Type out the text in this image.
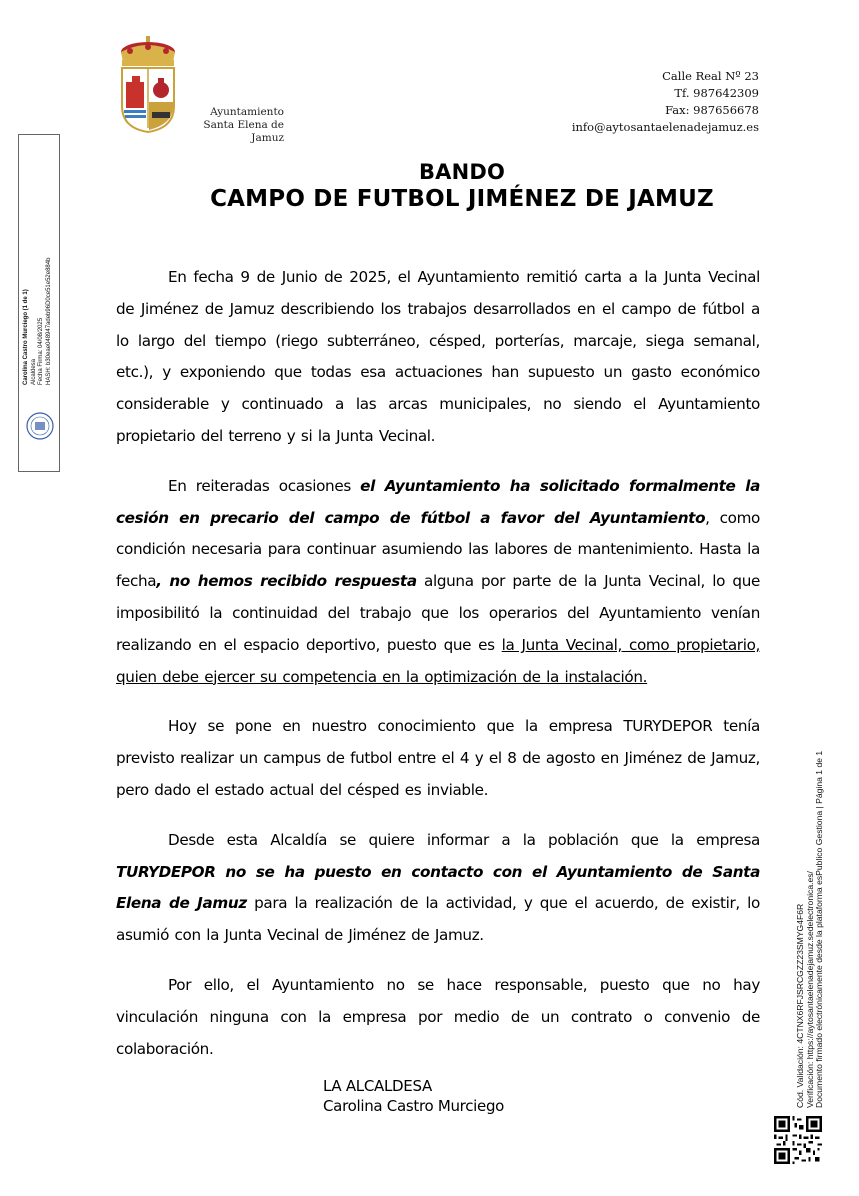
Ayuntamiento
Santa Elena de Jamuz
Calle Real Nº 23
Tf. 987642309
Fax: 987656678
info@aytosantaelenadejamuz.es
BANDO
CAMPO DE FUTBOL JIMÉNEZ DE JAMUZ

En fecha 9 de Junio de 2025, el Ayuntamiento remitió carta a la Junta Vecinal de Jiménez de Jamuz describiendo los trabajos desarrollados en el campo de fútbol a lo largo del tiempo (riego subterráneo, césped, porterías, marcaje, siega semanal, etc.), y exponiendo que todas esa actuaciones han supuesto un gasto económico considerable y continuado a las arcas municipales, no siendo el Ayuntamiento propietario del terreno y si la Junta Vecinal.

En reiteradas ocasiones el Ayuntamiento ha solicitado formalmente la cesión en precario del campo de fútbol a favor del Ayuntamiento, como condición necesaria para continuar asumiendo las labores de mantenimiento. Hasta la fecha, no hemos recibido respuesta alguna por parte de la Junta Vecinal, lo que imposibilitó la continuidad del trabajo que los operarios del Ayuntamiento venían realizando en el espacio deportivo, puesto que es la Junta Vecinal, como propietario, quien debe ejercer su competencia en la optimización de la instalación.

Hoy se pone en nuestro conocimiento que la empresa TURYDEPOR tenía previsto realizar un campus de futbol entre el 4 y el 8 de agosto en Jiménez de Jamuz, pero dado el estado actual del césped es inviable.

Desde esta Alcaldía se quiere informar a la población que la empresa TURYDEPOR no se ha puesto en contacto con el Ayuntamiento de Santa Elena de Jamuz para la realización de la actividad, y que el acuerdo, de existir, lo asumió con la Junta Vecinal de Jiménez de Jamuz.

Por ello, el Ayuntamiento no se hace responsable, puesto que no hay vinculación ninguna con la empresa por medio de un contrato o convenio de colaboración.

LA ALCALDESA
Carolina Castro Murciego
Carolina Castro Murciego (1 de 1) Alcaldesa Fecha Firma: 04/08/2025 HASH: b30eae048947adeb96D0ce51e52e884b
Cód. Validación: 4CTNX6RFJSRCGZZ23SMYG4F6R Verificación: https://aytosantaelenadejamuz.sedelectronica.es/ Documento firmado electrónicamente desde la plataforma esPublico Gestiona | Página 1 de 1
